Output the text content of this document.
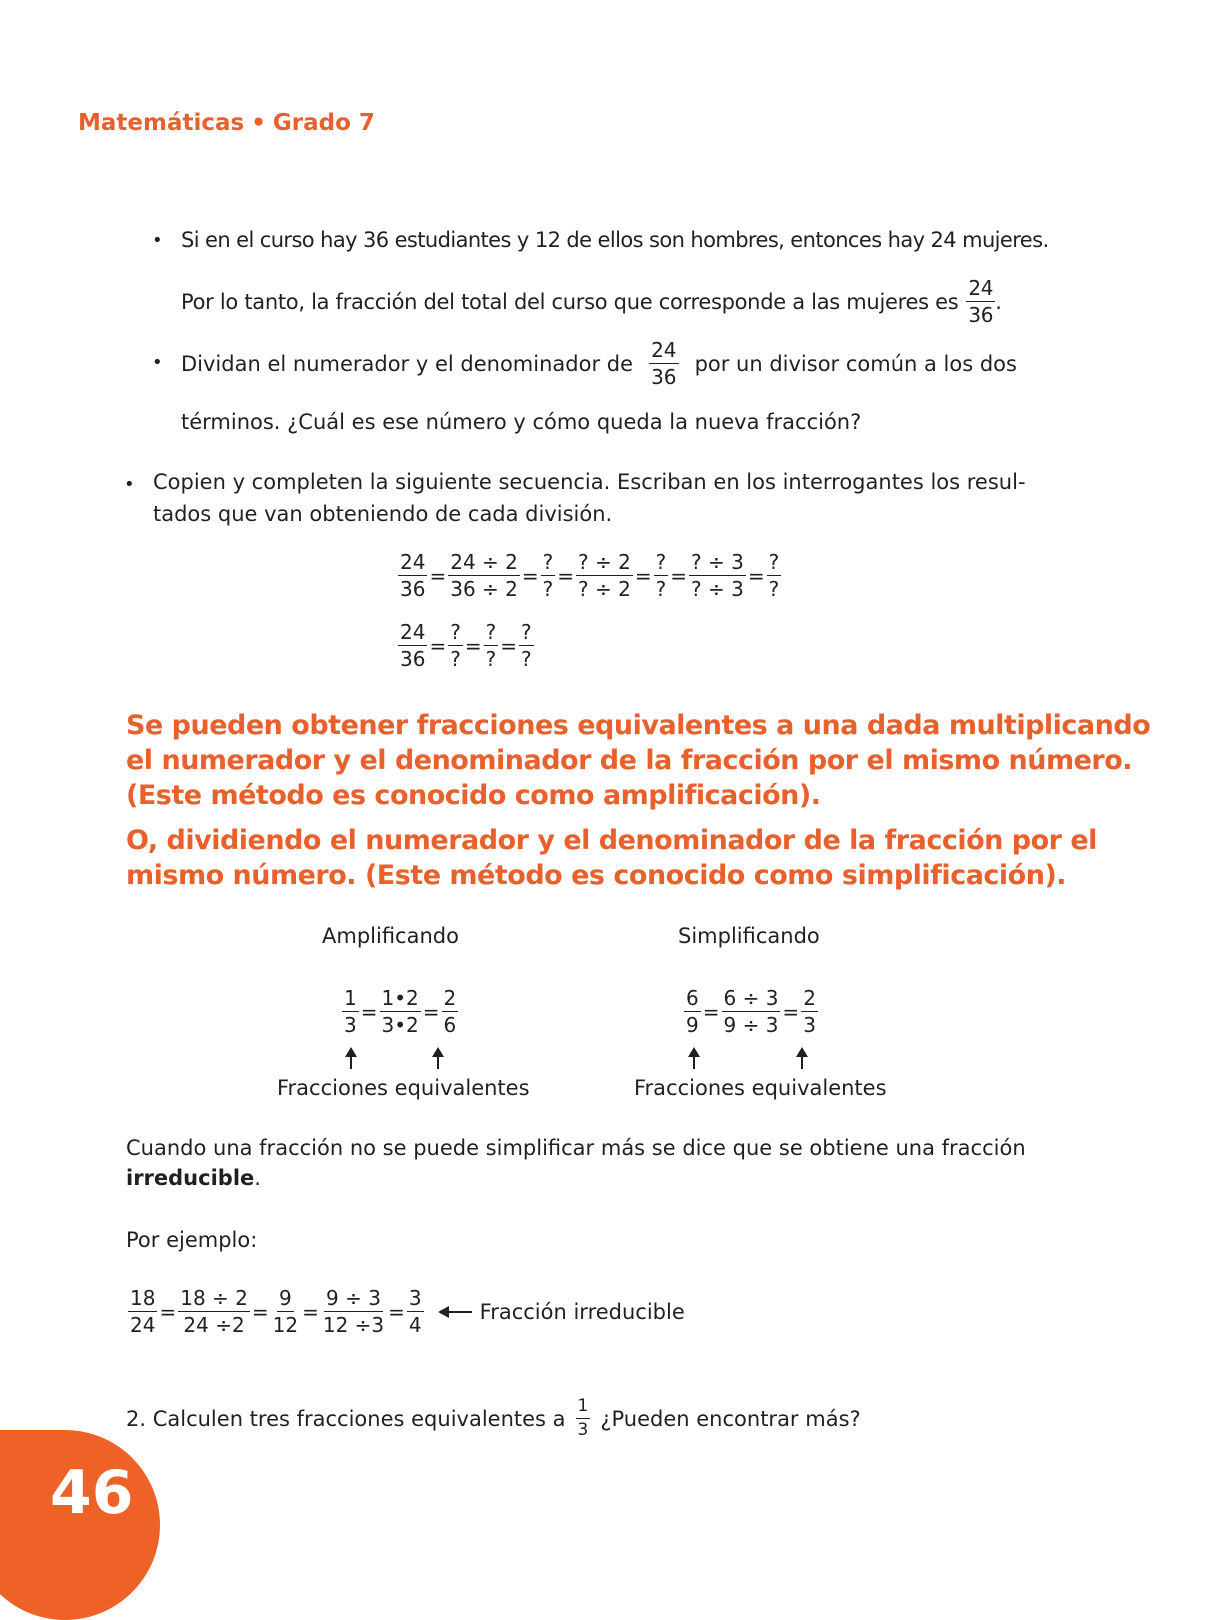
Matemáticas • Grado 7
• Si en el curso hay 36 estudiantes y 12 de ellos son hombres, entonces hay 24 mujeres.
Por lo tanto, la fracción del total del curso que corresponde a las mujeres es $\frac{24}{36}$ .
• Dividan el numerador y el denominador de $\frac{24}{36}$ por un divisor común a los dos
términos. ¿Cuál es ese número y cómo queda la nueva fracción?
• Copien y completen la siguiente secuencia. Escriban en los interrogantes los resul-
tados que van obteniendo de cada división.
$\frac{24}{36} = \frac{24 \div 2}{36 \div 2} = \frac{?}{?} = \frac{? \div 2}{? \div 2} = \frac{?}{?} = \frac{? \div 3}{? \div 3} = \frac{?}{?}$
$\frac{24}{36} = \frac{?}{?} = \frac{?}{?} = \frac{?}{?}$
Se pueden obtener fracciones equivalentes a una dada multiplicando
el numerador y el denominador de la fracción por el mismo número.
(Este método es conocido como amplificación).
O, dividiendo el numerador y el denominador de la fracción por el
mismo número. (Este método es conocido como simplificación).
Amplificando
$\frac{1}{3} = \frac{1•2}{3•2} = \frac{2}{6}$
Fracciones equivalentes
Simplificando
$\frac{6}{9} = \frac{6 \div 3}{9 \div 3} = \frac{2}{3}$
Fracciones equivalentes
Cuando una fracción no se puede simplificar más se dice que se obtiene una fracción
irreducible.
Por ejemplo:
$\frac{18}{24} = \frac{18 \div 2}{24 \div 2} = \frac{9}{12} = \frac{9 \div 3}{12 \div 3} = \frac{3}{4}$	Fracción irreducible
2. Calculen tres fracciones equivalentes a $\frac{1}{3}$ ¿Pueden encontrar más?
46
